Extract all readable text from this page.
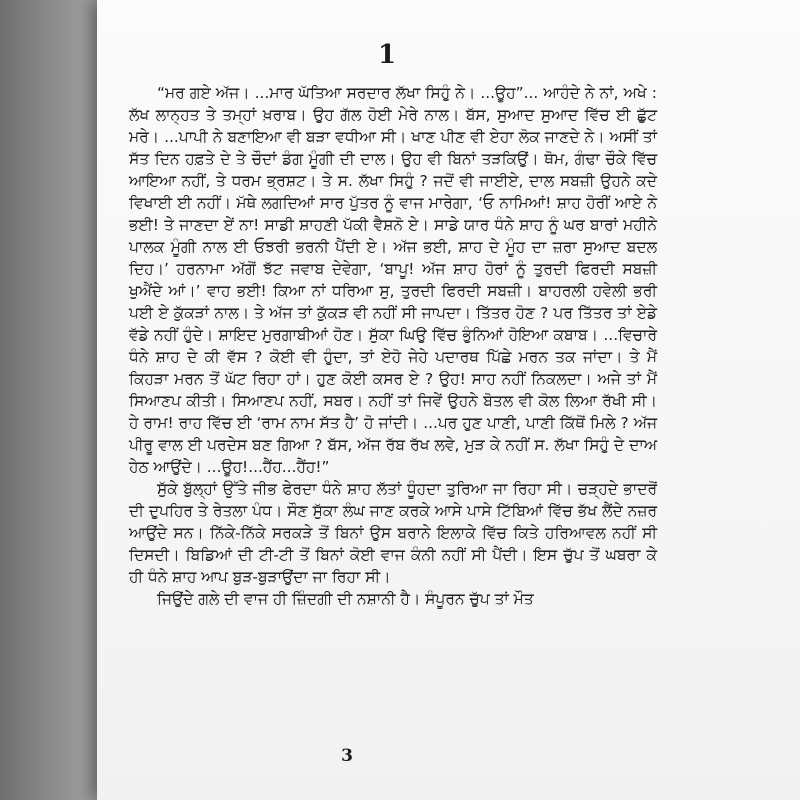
1

“ਮਰ ਗਏ ਅੱਜ। ...ਮਾਰ ਘੱਤਿਆ ਸਰਦਾਰ ਲੱਖਾ ਸਿਹੁੰ ਨੇ। ...ਊਹ”... ਆਹੰਦੇ ਨੇ ਨਾਂ, ਅਖੇ : ਲੱਖ ਲਾਨ੍ਹਤ ਤੇ ਤਮ੍ਹਾਂ ਖ਼ਰਾਬ। ਉਹ ਗੱਲ ਹੋਈ ਮੇਰੇ ਨਾਲ। ਬੱਸ, ਸੁਆਦ ਸੁਆਦ ਵਿੱਚ ਈ ਛੁੱਟ ਮਰੇ। ...ਪਾਪੀ ਨੇ ਬਣਾਇਆ ਵੀ ਬੜਾ ਵਧੀਆ ਸੀ। ਖਾਣ ਪੀਣ ਵੀ ਏਹਾ ਲੋਕ ਜਾਣਦੇ ਨੇ। ਅਸੀਂ ਤਾਂ ਸੱਤ ਦਿਨ ਹਫ਼ਤੇ ਦੇ ਤੇ ਚੌਦਾਂ ਡੰਗ ਮੂੰਗੀ ਦੀ ਦਾਲ। ਉਹ ਵੀ ਬਿਨਾਂ ਤੜਕਿਉਂ। ਥੋਮ, ਗੰਢਾ ਚੌਕੇ ਵਿੱਚ ਆਇਆ ਨਹੀਂ, ਤੇ ਧਰਮ ਭ੍ਰਸ਼ਟ। ਤੇ ਸ. ਲੱਖਾ ਸਿਹੁੰ ? ਜਦੋਂ ਵੀ ਜਾਈਏ, ਦਾਲ ਸਬਜ਼ੀ ਉਹਨੇ ਕਦੇ ਵਿਖਾਈ ਈ ਨਹੀਂ। ਮੱਥੇ ਲਗਦਿਆਂ ਸਾਰ ਪੁੱਤਰ ਨੂੰ ਵਾਜ ਮਾਰੇਗਾ, ‘ਓ ਨਾਮਿਆਂ! ਸ਼ਾਹ ਹੋਰੀਂ ਆਏ ਨੇ ਭਈ! ਤੇ ਜਾਣਦਾ ਏਂ ਨਾ! ਸਾਡੀ ਸ਼ਾਹਣੀ ਪੱਕੀ ਵੈਸ਼ਨੋ ਏ। ਸਾਡੇ ਯਾਰ ਧੰਨੇ ਸ਼ਾਹ ਨੂੰ ਘਰ ਬਾਰਾਂ ਮਹੀਨੇ ਪਾਲਕ ਮੂੰਗੀ ਨਾਲ ਈ ਓਝਰੀ ਭਰਨੀ ਪੈਂਦੀ ਏ। ਅੱਜ ਭਈ, ਸ਼ਾਹ ਦੇ ਮੂੰਹ ਦਾ ਜ਼ਰਾ ਸੁਆਦ ਬਦਲ ਦਿਹ।’ ਹਰਨਾਮਾ ਅੱਗੋਂ ਝੱਟ ਜਵਾਬ ਦੇਵੇਗਾ, ‘ਬਾਪੂ! ਅੱਜ ਸ਼ਾਹ ਹੋਰਾਂ ਨੂੰ ਤੁਰਦੀ ਫਿਰਦੀ ਸਬਜ਼ੀ ਖੁਐਂਦੇ ਆਂ।’ ਵਾਹ ਭਈ! ਕਿਆ ਨਾਂ ਧਰਿਆ ਸੁ, ਤੁਰਦੀ ਫਿਰਦੀ ਸਬਜ਼ੀ। ਬਾਹਰਲੀ ਹਵੇਲੀ ਭਰੀ ਪਈ ਏ ਕੁੱਕੜਾਂ ਨਾਲ। ਤੇ ਅੱਜ ਤਾਂ ਕੁੱਕੜ ਵੀ ਨਹੀਂ ਸੀ ਜਾਪਦਾ। ਤਿੱਤਰ ਹੋਣ ? ਪਰ ਤਿੱਤਰ ਤਾਂ ਏਡੇ ਵੱਡੇ ਨਹੀਂ ਹੁੰਦੇ। ਸ਼ਾਇਦ ਮੁਰਗਾਬੀਆਂ ਹੋਣ। ਸੁੱਕਾ ਘਿਉ ਵਿੱਚ ਭੁੰਨਿਆਂ ਹੋਇਆ ਕਬਾਬ। ...ਵਿਚਾਰੇ ਧੰਨੇ ਸ਼ਾਹ ਦੇ ਕੀ ਵੱਸ ? ਕੋਈ ਵੀ ਹੁੰਦਾ, ਤਾਂ ਏਹੋ ਜੇਹੇ ਪਦਾਰਥ ਪਿੱਛੇ ਮਰਨ ਤਕ ਜਾਂਦਾ। ਤੇ ਮੈਂ ਕਿਹੜਾ ਮਰਨ ਤੋਂ ਘੱਟ ਰਿਹਾ ਹਾਂ। ਹੁਣ ਕੋਈ ਕਸਰ ਏ ? ਉਹ! ਸਾਹ ਨਹੀਂ ਨਿਕਲਦਾ। ਅਜੇ ਤਾਂ ਮੈਂ ਸਿਆਣਪ ਕੀਤੀ। ਸਿਆਣਪ ਨਹੀਂ, ਸਬਰ। ਨਹੀਂ ਤਾਂ ਜਿਵੇਂ ਉਹਨੇ ਬੋਤਲ ਵੀ ਕੋਲ ਲਿਆ ਰੱਖੀ ਸੀ। ਹੇ ਰਾਮ! ਰਾਹ ਵਿੱਚ ਈ ‘ਰਾਮ ਨਾਮ ਸੱਤ ਹੈ’ ਹੋ ਜਾਂਦੀ। ...ਪਰ ਹੁਣ ਪਾਣੀ, ਪਾਣੀ ਕਿੱਥੋਂ ਮਿਲੇ ? ਅੱਜ ਪੀਰੂ ਵਾਲ ਈ ਪਰਦੇਸ ਬਣ ਗਿਆ ? ਬੱਸ, ਅੱਜ ਰੱਬ ਰੱਖ ਲਵੇ, ਮੁੜ ਕੇ ਨਹੀਂ ਸ. ਲੱਖਾ ਸਿਹੁੰ ਦੇ ਦਾਅ ਹੇਠ ਆਉਂਦੇ। ...ਊਹ!...ਹੈਂਹ...ਹੈਂਹ!”

ਸੁੱਕੇ ਬੁੱਲ੍ਹਾਂ ਉੱਤੇ ਜੀਭ ਫੇਰਦਾ ਧੰਨੇ ਸ਼ਾਹ ਲੱਤਾਂ ਧੂੰਹਦਾ ਤੁਰਿਆ ਜਾ ਰਿਹਾ ਸੀ। ਚੜ੍ਹਦੇ ਭਾਦਰੋਂ ਦੀ ਦੁਪਹਿਰ ਤੇ ਰੇਤਲਾ ਪੰਧ। ਸੌਣ ਸੁੱਕਾ ਲੰਘ ਜਾਣ ਕਰਕੇ ਆਸੇ ਪਾਸੇ ਟਿੱਬਿਆਂ ਵਿੱਚ ਭੱਖ ਲੈਂਦੇ ਨਜ਼ਰ ਆਉਂਦੇ ਸਨ। ਨਿੱਕੇ-ਨਿੱਕੇ ਸਰਕੜੇ ਤੋਂ ਬਿਨਾਂ ਉਸ ਬਰਾਨੇ ਇਲਾਕੇ ਵਿੱਚ ਕਿਤੇ ਹਰਿਆਵਲ ਨਹੀਂ ਸੀ ਦਿਸਦੀ। ਬਿਡਿਆਂ ਦੀ ਟੀ-ਟੀ ਤੋਂ ਬਿਨਾਂ ਕੋਈ ਵਾਜ ਕੰਨੀ ਨਹੀਂ ਸੀ ਪੈਂਦੀ। ਇਸ ਚੁੱਪ ਤੋਂ ਘਬਰਾ ਕੇ ਹੀ ਧੰਨੇ ਸ਼ਾਹ ਆਪ ਬੁੜ-ਬੁੜਾਉਂਦਾ ਜਾ ਰਿਹਾ ਸੀ।

ਜਿਉਂਦੇ ਗਲੇ ਦੀ ਵਾਜ ਹੀ ਜ਼ਿੰਦਗੀ ਦੀ ਨਸ਼ਾਨੀ ਹੈ। ਸੰਪੂਰਨ ਚੁੱਪ ਤਾਂ ਮੌਤ

3
